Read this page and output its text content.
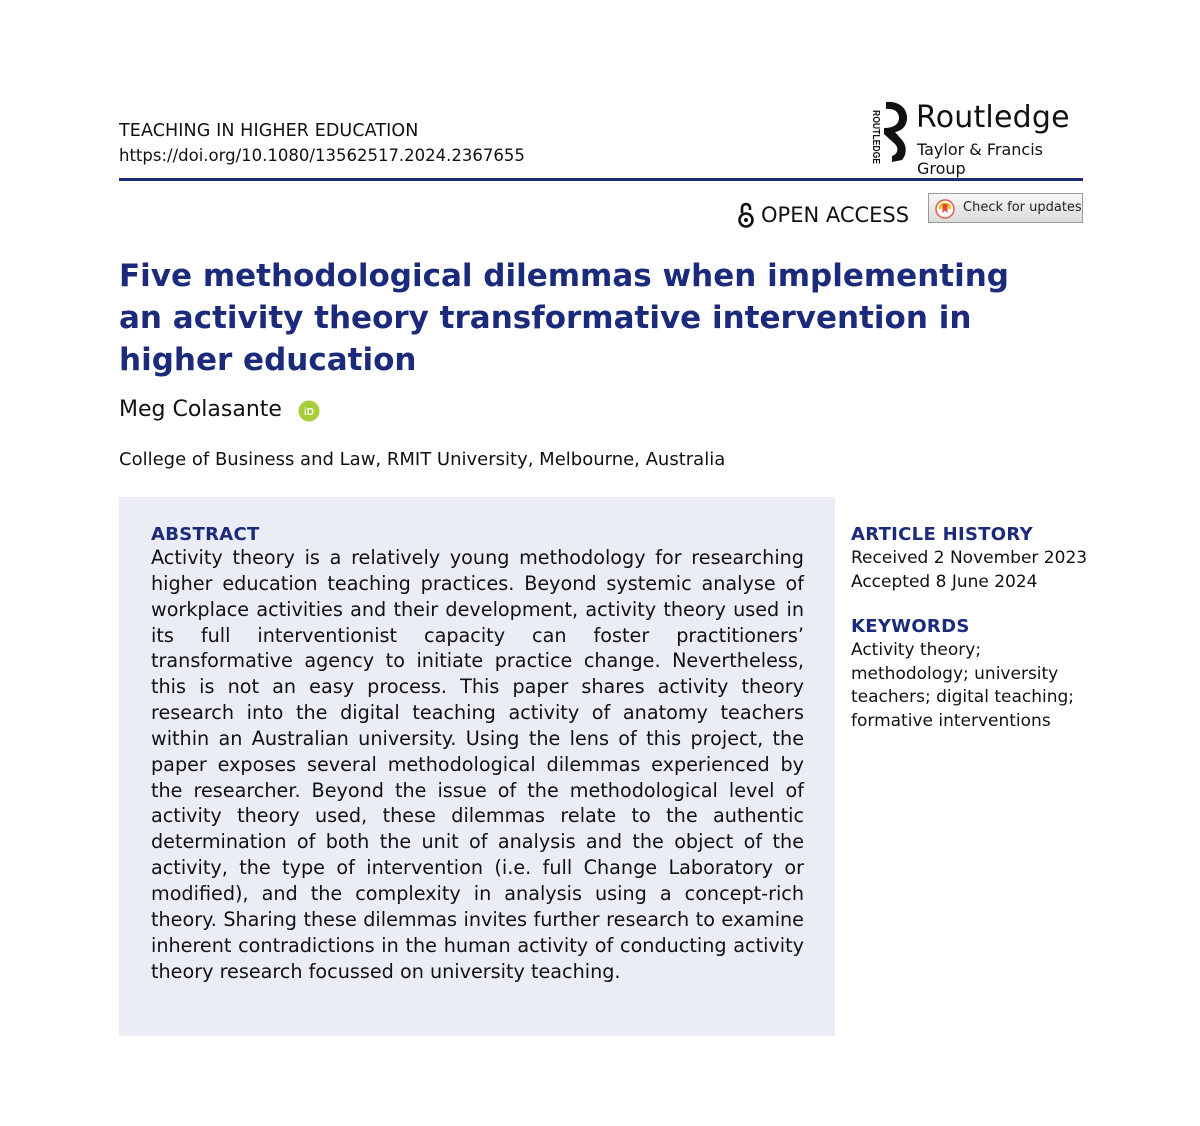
TEACHING IN HIGHER EDUCATION
https://doi.org/10.1080/13562517.2024.2367655	ROUTLEDGE Routledge
Taylor & Francis Group
OPEN ACCESS	Check for updates
Five methodological dilemmas when implementing an activity theory transformative intervention in higher education
Meg Colasante iD
College of Business and Law, RMIT University, Melbourne, Australia
ABSTRACT

Activity theory is a relatively young methodology for researching higher education teaching practices. Beyond systemic analyse of workplace activities and their development, activity theory used in its full interventionist capacity can foster practitioners’ transformative agency to initiate practice change. Nevertheless, this is not an easy process. This paper shares activity theory research into the digital teaching activity of anatomy teachers within an Australian university. Using the lens of this project, the paper exposes several methodological dilemmas experienced by the researcher. Beyond the issue of the methodological level of activity theory used, these dilemmas relate to the authentic determination of both the unit of analysis and the object of the activity, the type of intervention (i.e. full Change Laboratory or modified), and the complexity in analysis using a concept-rich theory. Sharing these dilemmas invites further research to examine inherent contradictions in the human activity of conducting activity theory research focussed on university teaching.

ARTICLE HISTORY
Received 2 November 2023
Accepted 8 June 2024
KEYWORDS
Activity theory;
methodology; university
teachers; digital teaching;
formative interventions
